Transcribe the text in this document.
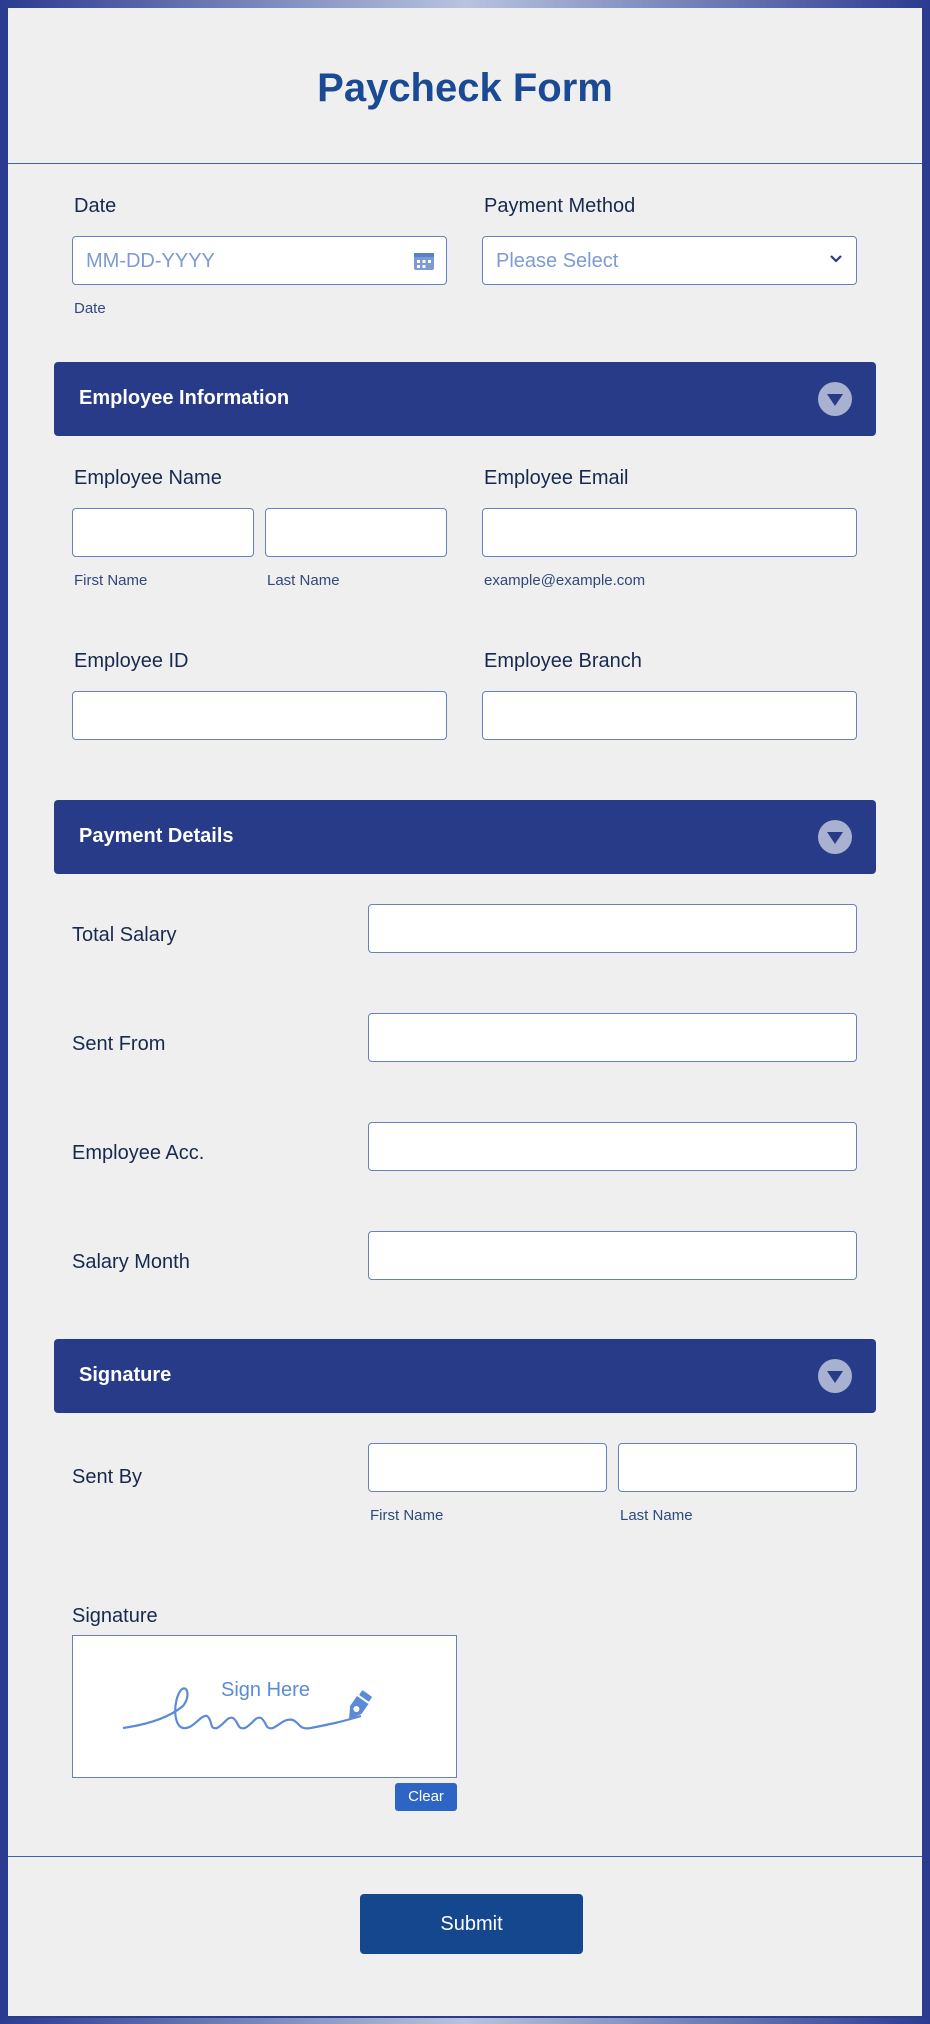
Paycheck Form
Date
MM-DD-YYYY
Date
Payment Method
Please Select
Employee Information
Employee Name
First Name	Last Name
Employee Email
example@example.com
Employee ID	Employee Branch
Payment Details
Total Salary
Sent From
Employee Acc.
Salary Month
Signature
Sent By
First Name	Last Name
Signature
Sign Here
Clear
Submit
